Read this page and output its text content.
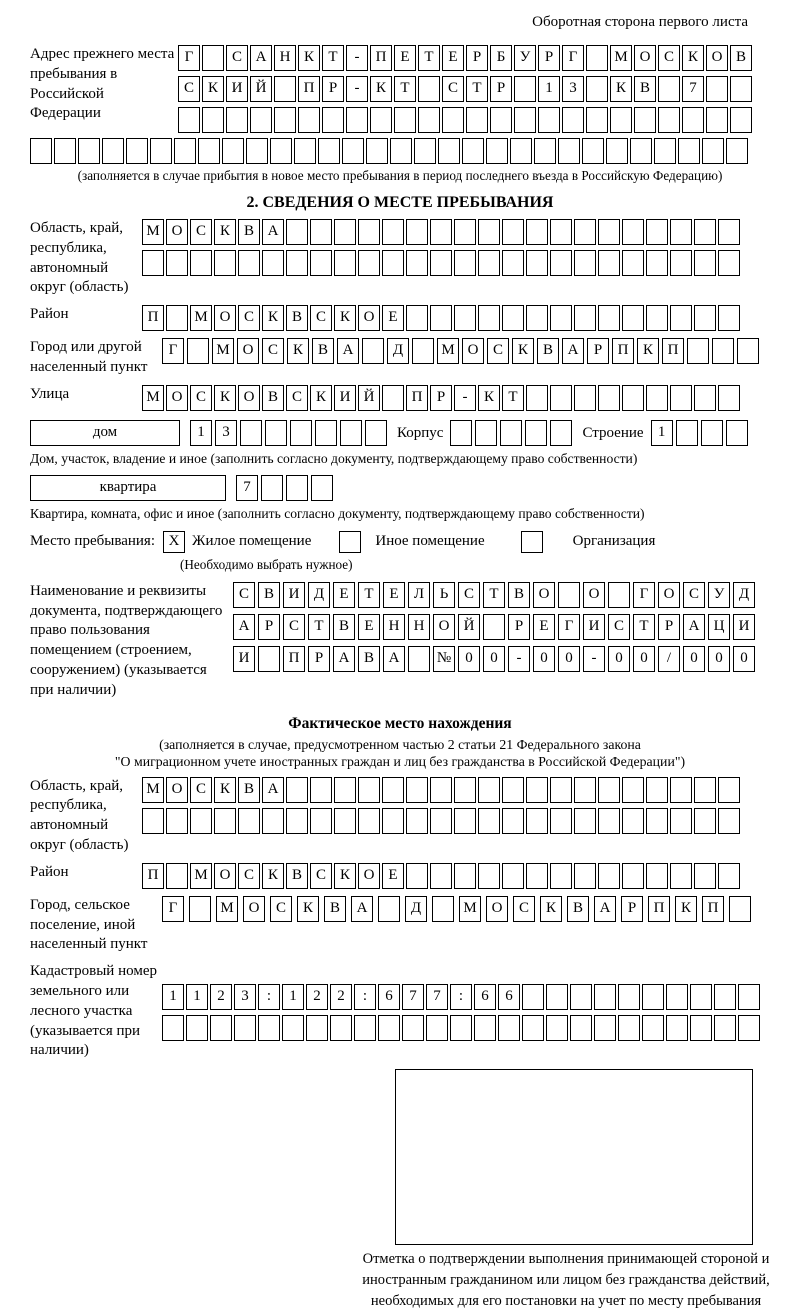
Оборотная сторона первого листа
Адрес прежнего места пребывания в Российской Федерации
Г	С А Н К Т - П Е Т Е Р Б У Р Г М О С К О В
С К И Й П Р - К Т	С Т Р	1 3	К В	7
(заполняется в случае прибытия в новое место пребывания в период последнего въезда в Российскую Федерацию)
2. СВЕДЕНИЯ О МЕСТЕ ПРЕБЫВАНИЯ
Область, край, республика, автономный округ (область)
М О С К В А
Район	П М О С К В С К О Е
Город или другой населенный пункт
Г	М О С К В А	Д	М О С К В А Р П К П
Улица	М О С К О В С К И Й П Р - К Т
дом	1 3	Корпус	Строение 1
Дом, участок, владение и иное (заполнить согласно документу, подтверждающему право собственности)
квартира	7
Квартира, комната, офис и иное (заполнить согласно документу, подтверждающему право собственности)
Место пребывания: X Жилое помещение	Иное помещение	Организация
(Необходимо выбрать нужное)
Наименование и реквизиты документа, подтверждающего право пользования помещением (строением, сооружением) (указывается при наличии)
С В И Д Е Т Е Л Ь С Т В О	О	Г О С У Д
А Р С Т В Е Н Н О Й	Р Е Г И С Т Р А Ц И
И	П Р А В А № 0 0 - 0 0 - 0 0 / 0 0 0
Фактическое место нахождения
(заполняется в случае, предусмотренном частью 2 статьи 21 Федерального закона
"О миграционном учете иностранных граждан и лиц без гражданства в Российской Федерации")
Область, край, республика, автономный округ (область)
М О С К В А
Район	П М О С К В С К О Е
Город, сельское поселение, иной населенный пункт
Г	М О С К В А	Д	М О С К В А Р П К П
Кадастровый номер земельного или лесного участка (указывается при наличии)
1 1 2 3 : 1 2 2 : 6 7 7 : 6 6
Отметка о подтверждении выполнения принимающей стороной и иностранным гражданином или лицом без гражданства действий, необходимых для его постановки на учет по месту пребывания
